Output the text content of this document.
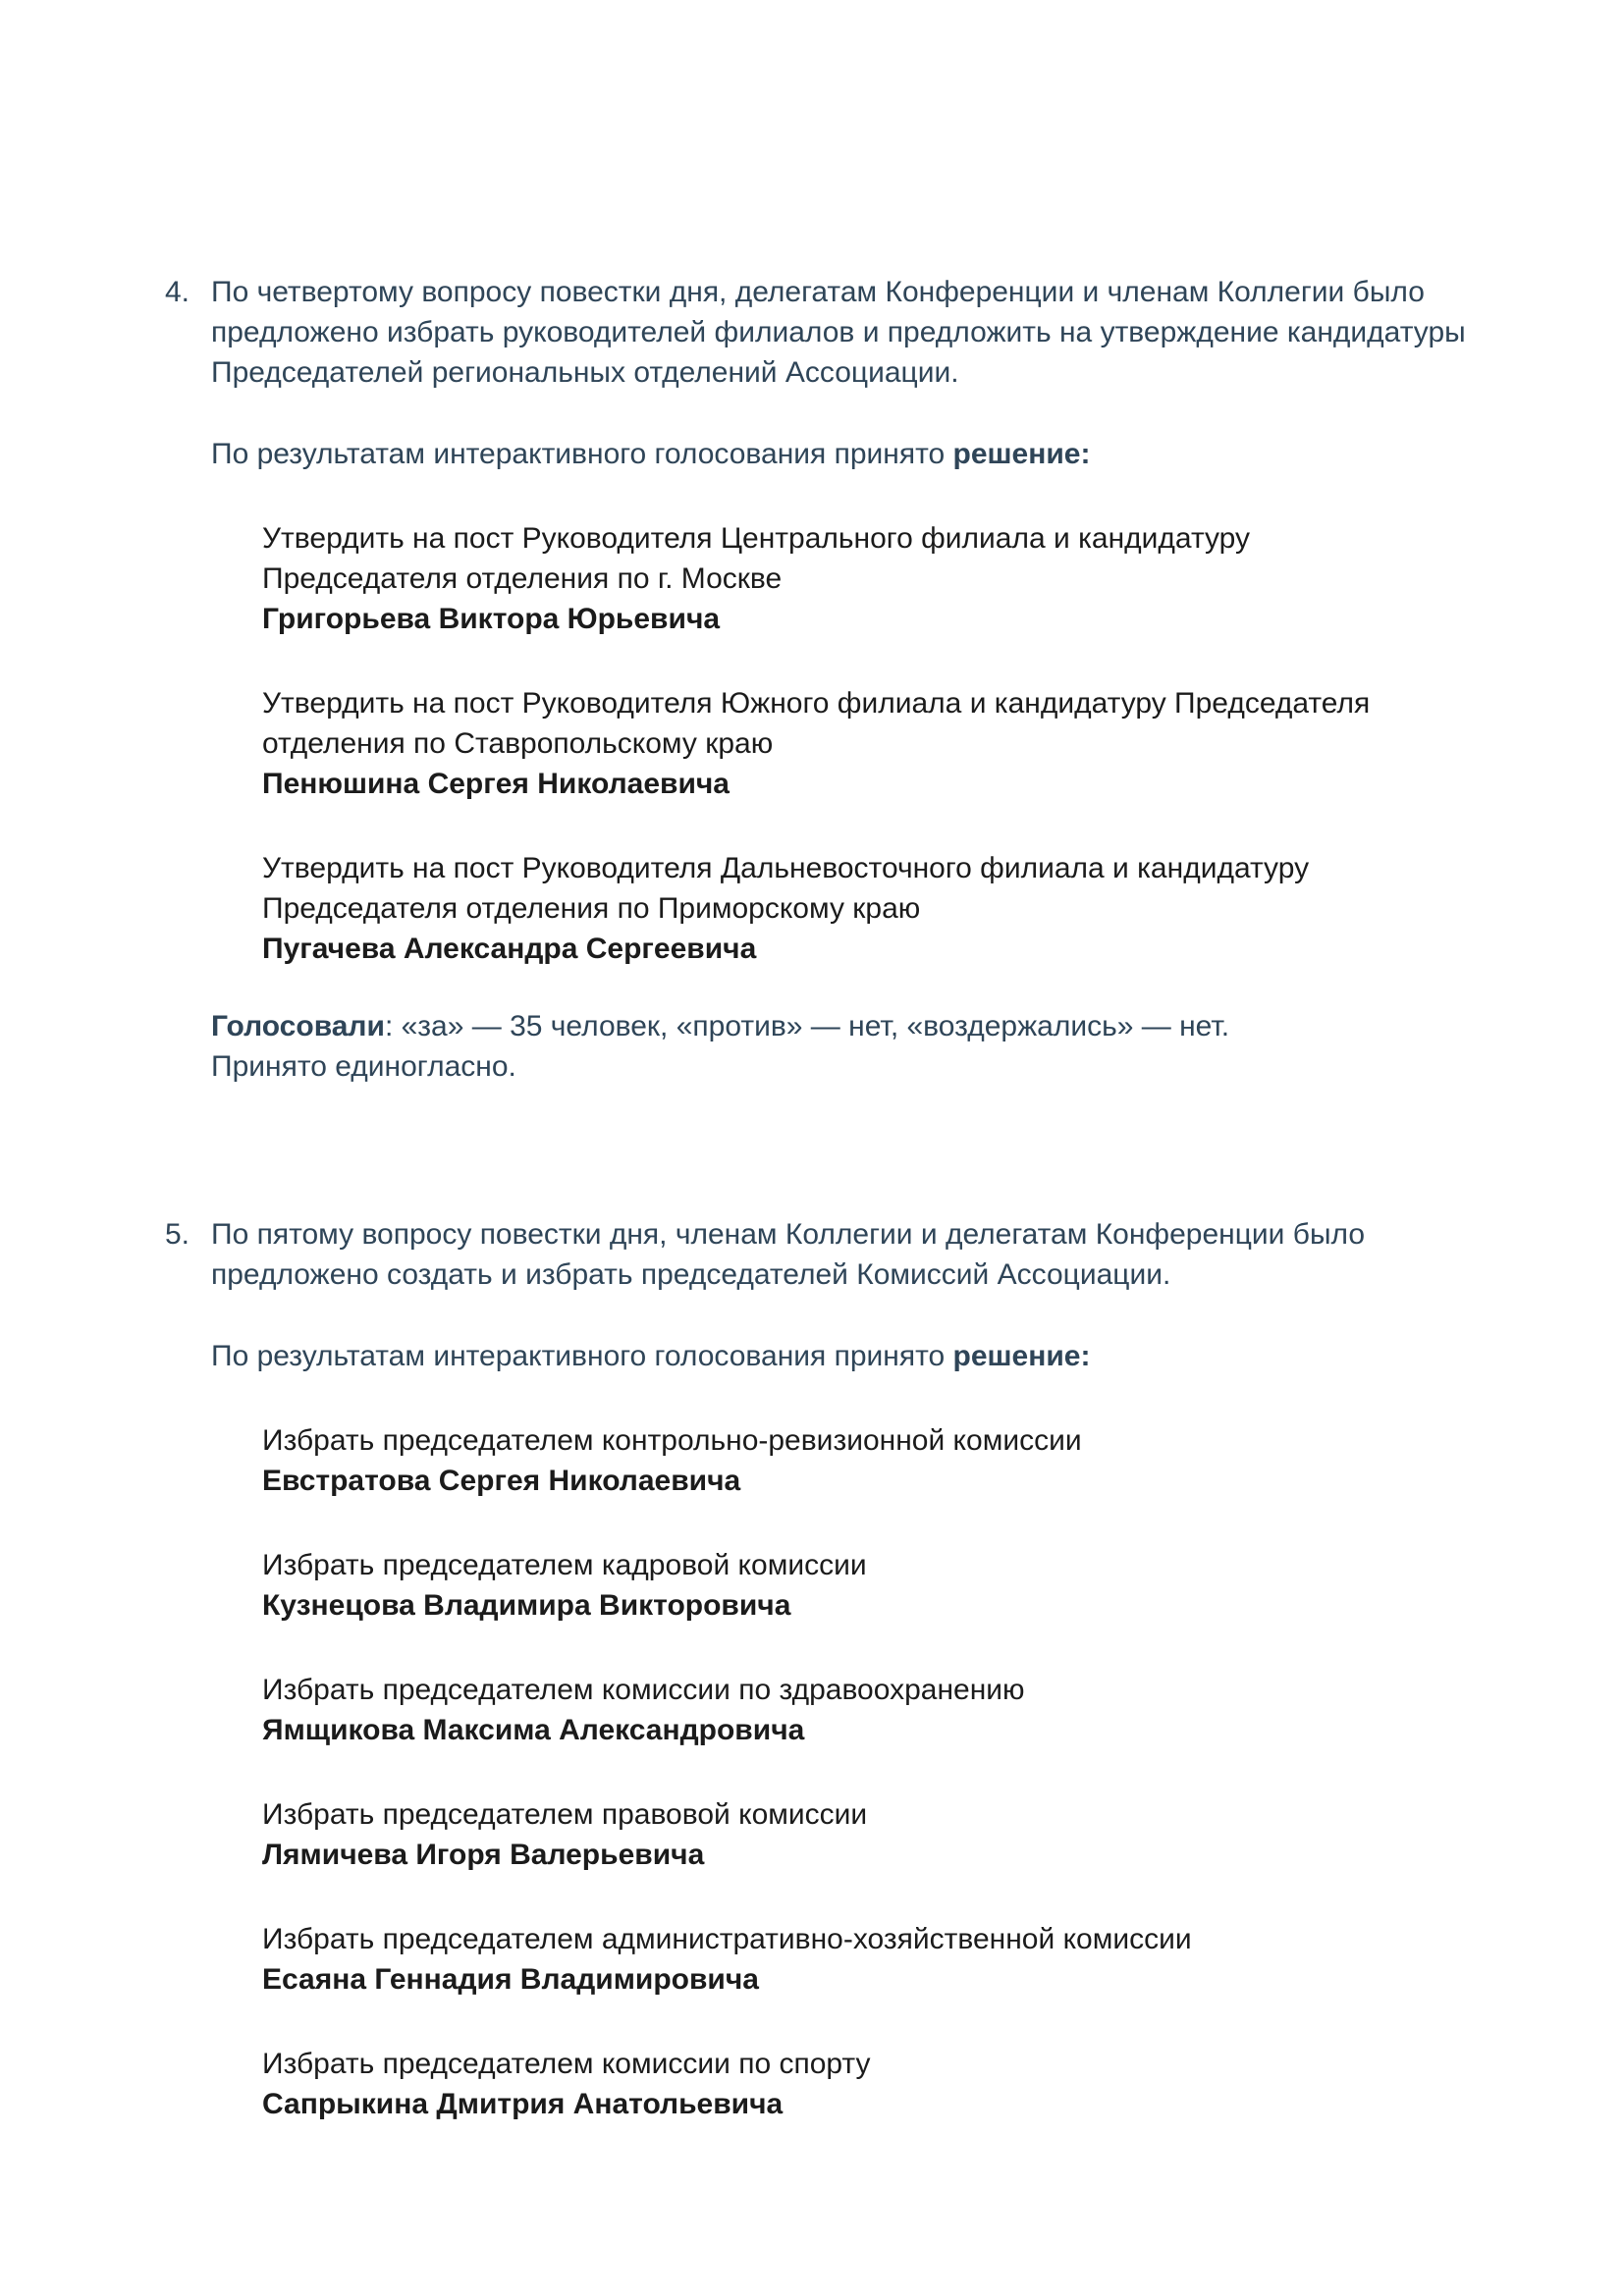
4. По четвертому вопросу повестки дня, делегатам Конференции и членам Коллегии было предложено избрать руководителей филиалов и предложить на утверждение кандидатуры Председателей региональных отделений Ассоциации.

По результатам интерактивного голосования принято решение:

Утвердить на пост Руководителя Центрального филиала и кандидатуру Председателя отделения по г. Москве
Григорьева Виктора Юрьевича
Утвердить на пост Руководителя Южного филиала и кандидатуру Председателя отделения по Ставропольскому краю
Пенюшина Сергея Николаевича
Утвердить на пост Руководителя Дальневосточного филиала и кандидатуру Председателя отделения по Приморскому краю
Пугачева Александра Сергеевича

Голосовали: «за» — 35 человек, «против» — нет, «воздержались» — нет.

Принято единогласно.

5. По пятому вопросу повестки дня, членам Коллегии и делегатам Конференции было предложено создать и избрать председателей Комиссий Ассоциации.

По результатам интерактивного голосования принято решение:

Избрать председателем контрольно-ревизионной комиссии
Евстратова Сергея Николаевича
Избрать председателем кадровой комиссии
Кузнецова Владимира Викторовича
Избрать председателем комиссии по здравоохранению
Ямщикова Максима Александровича
Избрать председателем правовой комиссии
Лямичева Игоря Валерьевича
Избрать председателем административно-хозяйственной комиссии
Есаяна Геннадия Владимировича
Избрать председателем комиссии по спорту
Сапрыкина Дмитрия Анатольевича
